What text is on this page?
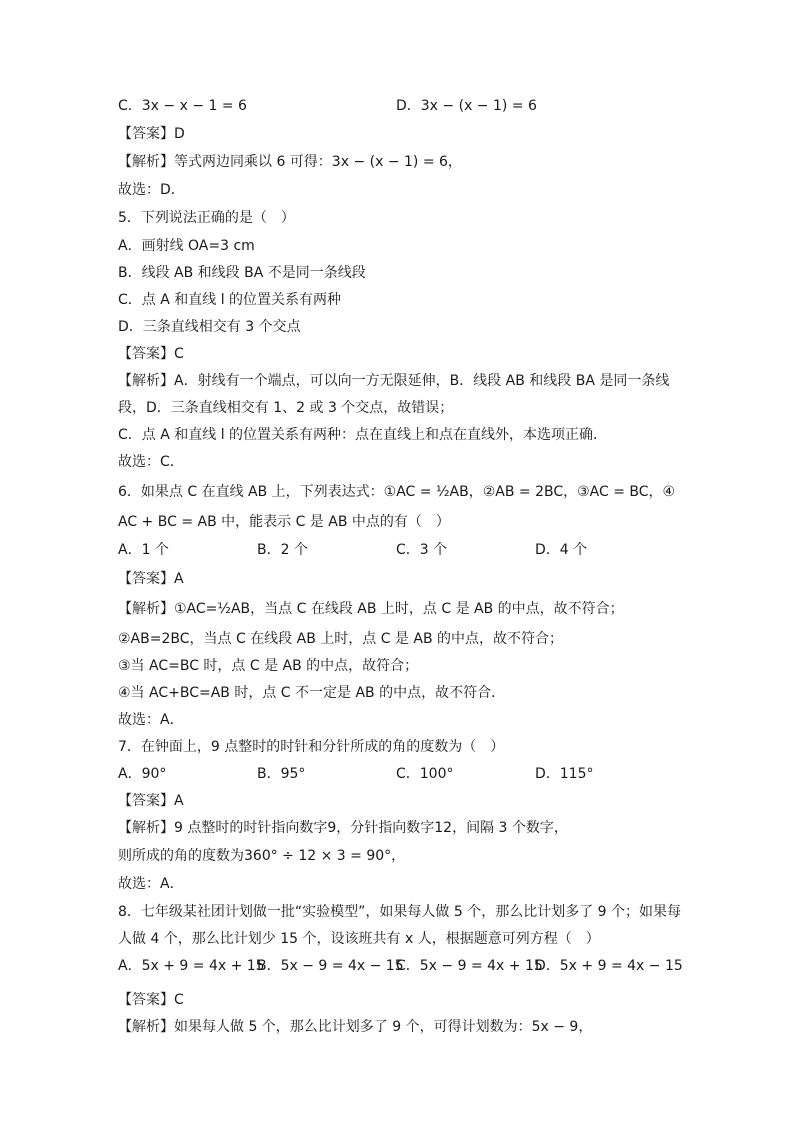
【答案】D
【解析】等式两边同乘以 6 可得：3x − (x − 1) = 6，
故选：D．
5．下列说法正确的是（　）
A．画射线 OA=3 cm
B．线段 AB 和线段 BA 不是同一条线段
C．点 A 和直线 l 的位置关系有两种
D．三条直线相交有 3 个交点
【答案】C
【解析】A．射线有一个端点，可以向一方无限延伸，B．线段 AB 和线段 BA 是同一条线
段，D．三条直线相交有 1、2 或 3 个交点，故错误；
C．点 A 和直线 l 的位置关系有两种：点在直线上和点在直线外，本选项正确．
故选：C．
6．如果点 C 在直线 AB 上，下列表达式：①AC = ½AB，②AB = 2BC，③AC = BC，④
AC + BC = AB 中，能表示 C 是 AB 中点的有（　）
【答案】A
【解析】①AC=½AB，当点 C 在线段 AB 上时，点 C 是 AB 的中点，故不符合；
②AB=2BC，当点 C 在线段 AB 上时，点 C 是 AB 的中点，故不符合；
③当 AC=BC 时，点 C 是 AB 的中点，故符合；
④当 AC+BC=AB 时，点 C 不一定是 AB 的中点，故不符合．
故选：A．
7．在钟面上，9 点整时的时针和分针所成的角的度数为（　）
【答案】A
【解析】9 点整时的时针指向数字9，分针指向数字12，间隔 3 个数字，
则所成的角的度数为360° ÷ 12 × 3 = 90°，
故选：A．
8．七年级某社团计划做一批“实验模型”，如果每人做 5 个，那么比计划多了 9 个；如果每
人做 4 个，那么比计划少 15 个，设该班共有 x 人，根据题意可列方程（　）
【答案】C
【解析】如果每人做 5 个，那么比计划多了 9 个，可得计划数为：5x − 9，
C．3x − x − 1 = 6	D．3x − (x − 1) = 6
A．1 个	B．2 个	C．3 个	D．4 个
A．90°	B．95°	C．100°	D．115°
A．5x + 9 = 4x + 15
B．5x − 9 = 4x − 15
C．5x − 9 = 4x + 15
D．5x + 9 = 4x − 15
